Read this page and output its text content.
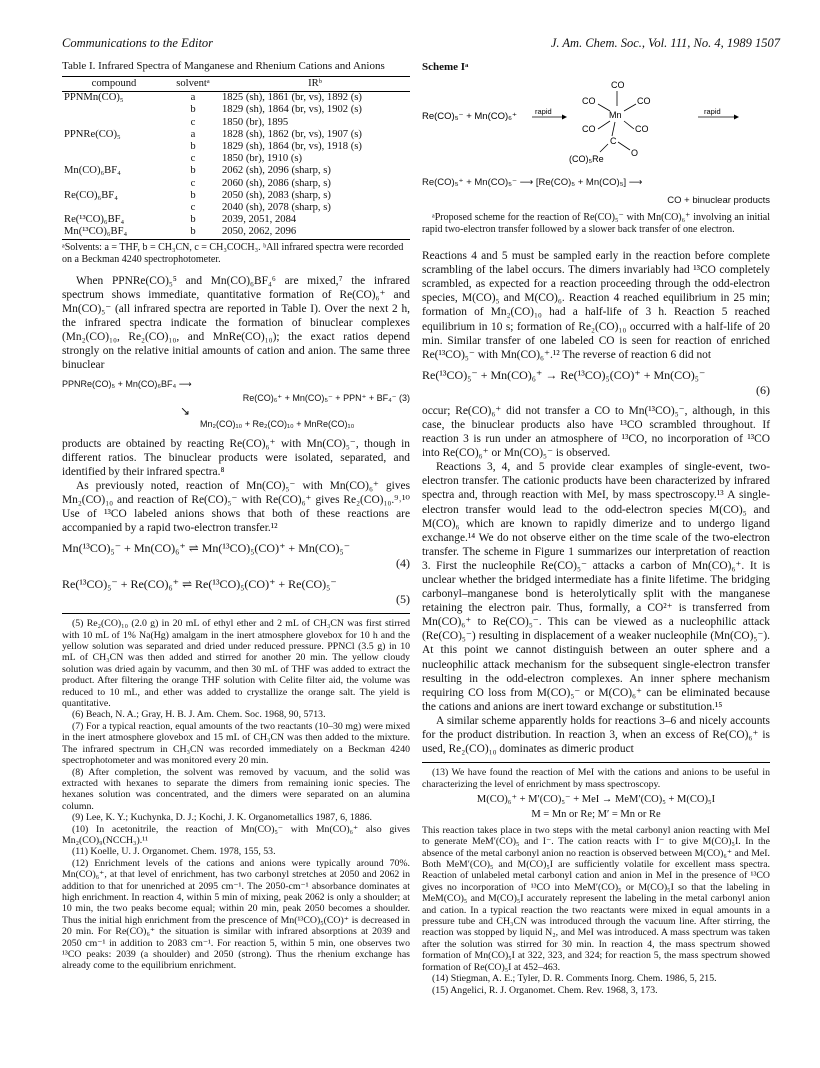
Communications to the Editor	J. Am. Chem. Soc., Vol. 111, No. 4, 1989 1507
Table I. Infrared Spectra of Manganese and Rhenium Cations and Anions
compound	solventᵃ	IRᵇ
PPNMn(CO)₅	a	1825 (sh), 1861 (br, vs), 1892 (s)
	b	1829 (sh), 1864 (br, vs), 1902 (s)
	c	1850 (br), 1895
PPNRe(CO)₅	a	1828 (sh), 1862 (br, vs), 1907 (s)
	b	1829 (sh), 1864 (br, vs), 1918 (s)
	c	1850 (br), 1910 (s)
Mn(CO)₆BF₄	b	2062 (sh), 2096 (sharp, s)
	c	2060 (sh), 2086 (sharp, s)
Re(CO)₆BF₄	b	2050 (sh), 2083 (sharp, s)
	c	2040 (sh), 2078 (sharp, s)
Re(¹³CO)₆BF₄	b	2039, 2051, 2084
Mn(¹³CO)₆BF₄	b	2050, 2062, 2096
ᵃSolvents: a = THF, b = CH₃CN, c = CH₃COCH₃. ᵇAll infrared spectra were recorded on a Beckman 4240 spectrophotometer.

When PPNRe(CO)₅⁵ and Mn(CO)₆BF₄⁶ are mixed,⁷ the infrared spectrum shows immediate, quantitative formation of Re(CO)₆⁺ and Mn(CO)₅⁻ (all infrared spectra are reported in Table I). Over the next 2 h, the infrared spectra indicate the formation of binuclear complexes (Mn₂(CO)₁₀, Re₂(CO)₁₀, and MnRe(CO)₁₀); the exact ratios depend strongly on the relative initial amounts of cation and anion. The same three binuclear

PPNRe(CO)₅ + Mn(CO)₆BF₄ ⟶
Re(CO)₆⁺ + Mn(CO)₅⁻ + PPN⁺ + BF₄⁻ (3)
↘
Mn₂(CO)₁₀ + Re₂(CO)₁₀ + MnRe(CO)₁₀

products are obtained by reacting Re(CO)₆⁺ with Mn(CO)₅⁻, though in different ratios. The binuclear products were isolated, separated, and identified by their infrared spectra.⁸

As previously noted, reaction of Mn(CO)₅⁻ with Mn(CO)₆⁺ gives Mn₂(CO)₁₀ and reaction of Re(CO)₅⁻ with Re(CO)₆⁺ gives Re₂(CO)₁₀.⁹˒¹⁰ Use of ¹³CO labeled anions shows that both of these reactions are accompanied by a rapid two-electron transfer.¹²

Mn(¹³CO)₅⁻ + Mn(CO)₆⁺ ⇌ Mn(¹³CO)₅(CO)⁺ + Mn(CO)₅⁻
(4)
Re(¹³CO)₅⁻ + Re(CO)₆⁺ ⇌ Re(¹³CO)₅(CO)⁺ + Re(CO)₅⁻
(5)

(5) Re₂(CO)₁₀ (2.0 g) in 20 mL of ethyl ether and 2 mL of CH₃CN was first stirred with 10 mL of 1% Na(Hg) amalgam in the inert atmosphere glovebox for 10 h and the yellow solution was separated and dried under reduced pressure. PPNCl (3.5 g) in 10 mL of CH₃CN was then added and stirred for another 20 min. The yellow cloudy solution was dried again by vacumm, and then 30 mL of THF was added to extract the product. After filtering the orange THF solution with Celite filter aid, the volume was reduced to 10 mL, and ether was added to crystallize the orange salt. The yield is quantitative.

(6) Beach, N. A.; Gray, H. B. J. Am. Chem. Soc. 1968, 90, 5713.

(7) For a typical reaction, equal amounts of the two reactants (10–30 mg) were mixed in the inert atmosphere glovebox and 15 mL of CH₃CN was then added to the mixture. The infrared spectrum in CH₃CN was recorded immediately on a Beckman 4240 spectrophotometer and was monitored every 20 min.

(8) After completion, the solvent was removed by vacuum, and the solid was extracted with hexanes to separate the dimers from remaining ionic species. The hexanes solution was concentrated, and the dimers were separated on an alumina column.

(9) Lee, K. Y.; Kuchynka, D. J.; Kochi, J. K. Organometallics 1987, 6, 1886.

(10) In acetonitrile, the reaction of Mn(CO)₅⁻ with Mn(CO)₆⁺ also gives Mn₂(CO)₉(NCCH₃).¹¹

(11) Koelle, U. J. Organomet. Chem. 1978, 155, 53.

(12) Enrichment levels of the cations and anions were typically around 70%. Mn(CO)₆⁺, at that level of enrichment, has two carbonyl stretches at 2050 and 2062 in addition to that for unenriched at 2095 cm⁻¹. The 2050-cm⁻¹ absorbance dominates at high enrichment. In reaction 4, within 5 min of mixing, peak 2062 is only a shoulder; at 10 min, the two peaks become equal; within 20 min, peak 2050 becomes a shoulder. Thus the initial high enrichment from the prescence of Mn(¹³CO)₅(CO)⁺ is decreased in 20 min. For Re(CO)₆⁺ the situation is similar with infrared absorptions at 2039 and 2050 cm⁻¹ in addition to 2083 cm⁻¹. For reaction 5, within 5 min, one observes two ¹³CO peaks: 2039 (a shoulder) and 2050 (strong). Thus the rhenium exchange has already come to the equilibrium enrichment.

Scheme Iᵃ
Re(CO)₅⁻ + Mn(CO)₆⁺ rapid
CO
CO	CO
Mn
CO	CO
C
O
(CO)₅Re
rapid
Re(CO)₅⁺ + Mn(CO)₅⁻ ⟶ [Re(CO)₅ + Mn(CO)₅] ⟶
CO + binuclear products
ᵃProposed scheme for the reaction of Re(CO)₅⁻ with Mn(CO)₆⁺ involving an initial rapid two-electron transfer followed by a slower back transfer of one electron.

Reactions 4 and 5 must be sampled early in the reaction before complete scrambling of the label occurs. The dimers invariably had ¹³CO completely scrambled, as expected for a reaction proceeding through the odd-electron species, M(CO)₅ and M(CO)₆. Reaction 4 reached equilibrium in 25 min; formation of Mn₂(CO)₁₀ had a half-life of 3 h. Reaction 5 reached equilibrium in 10 s; formation of Re₂(CO)₁₀ occurred with a half-life of 20 min. Similar transfer of one labeled CO is seen for reaction of enriched Re(¹³CO)₅⁻ with Mn(CO)₆⁺.¹² The reverse of reaction 6 did not

Re(¹³CO)₅⁻ + Mn(CO)₆⁺ → Re(¹³CO)₅(CO)⁺ + Mn(CO)₅⁻
(6)

occur; Re(CO)₆⁺ did not transfer a CO to Mn(¹³CO)₅⁻, although, in this case, the binuclear products also have ¹³CO scrambled throughout. If reaction 3 is run under an atmosphere of ¹³CO, no incorporation of ¹³CO into Re(CO)₆⁺ or Mn(CO)₅⁻ is observed.

Reactions 3, 4, and 5 provide clear examples of single-event, two-electron transfer. The cationic products have been characterized by infrared spectra and, through reaction with MeI, by mass spectroscopy.¹³ A single-electron transfer would lead to the odd-electron species M(CO)₅ and M(CO)₆ which are known to rapidly dimerize and to undergo ligand exchange.¹⁴ We do not observe either on the time scale of the two-electron transfer. The scheme in Figure 1 summarizes our interpretation of reaction 3. First the nucleophile Re(CO)₅⁻ attacks a carbon of Mn(CO)₆⁺. It is unclear whether the bridged intermediate has a finite lifetime. The bridging carbonyl–manganese bond is heterolytically split with the manganese retaining the electron pair. Thus, formally, a CO²⁺ is transferred from Mn(CO)₆⁺ to Re(CO)₅⁻. This can be viewed as a nucleophilic attack (Re(CO)₅⁻) resulting in displacement of a weaker nucleophile (Mn(CO)₅⁻). At this point we cannot distinguish between an outer sphere and a nucleophilic attack mechanism for the subsequent single-electron transfer resulting in the odd-electron complexes. An inner sphere mechanism requiring CO loss from M(CO)₅⁻ or M(CO)₆⁺ can be eliminated because the cations and anions are inert toward exchange or substitution.¹⁵

A similar scheme apparently holds for reactions 3–6 and nicely accounts for the product distribution. In reaction 3, when an excess of Re(CO)₆⁺ is used, Re₂(CO)₁₀ dominates as dimeric product

(13) We have found the reaction of MeI with the cations and anions to be useful in characterizing the level of enrichment by mass spectroscopy.

M(CO)₆⁺ + M′(CO)₅⁻ + MeI → MeM′(CO)₅ + M(CO)₅I
M = Mn or Re; M′ = Mn or Re

This reaction takes place in two steps with the metal carbonyl anion reacting with MeI to generate MeM′(CO)₅ and I⁻. The cation reacts with I⁻ to give M(CO)₅I. In the absence of the metal carbonyl anion no reaction is observed between M(CO)₆⁺ and MeI. Both MeM′(CO)₅ and M(CO)₅I are sufficiently volatile for excellent mass spectra. Reaction of unlabeled metal carbonyl cation and anion in MeI in the presence of ¹³CO gives no incorporation of ¹³CO into MeM′(CO)₅ or M(CO)₅I so that the labeling in MeM(CO)₅ and M(CO)₅I accurately represent the labeling in the metal carbonyl anion and cation. In a typical reaction the two reactants were mixed in equal amounts in a pressure tube and CH₃CN was introduced through the vacuum line. After stirring, the reaction was stopped by liquid N₂, and MeI was introduced. A mass spectrum was taken after the solution was stirred for 30 min. In reaction 4, the mass spectrum showed formation of Mn(CO)₅I at 322, 323, and 324; for reaction 5, the mass spectrum showed formation of Re(CO)₅I at 452–463.

(14) Stiegman, A. E.; Tyler, D. R. Comments Inorg. Chem. 1986, 5, 215.

(15) Angelici, R. J. Organomet. Chem. Rev. 1968, 3, 173.
